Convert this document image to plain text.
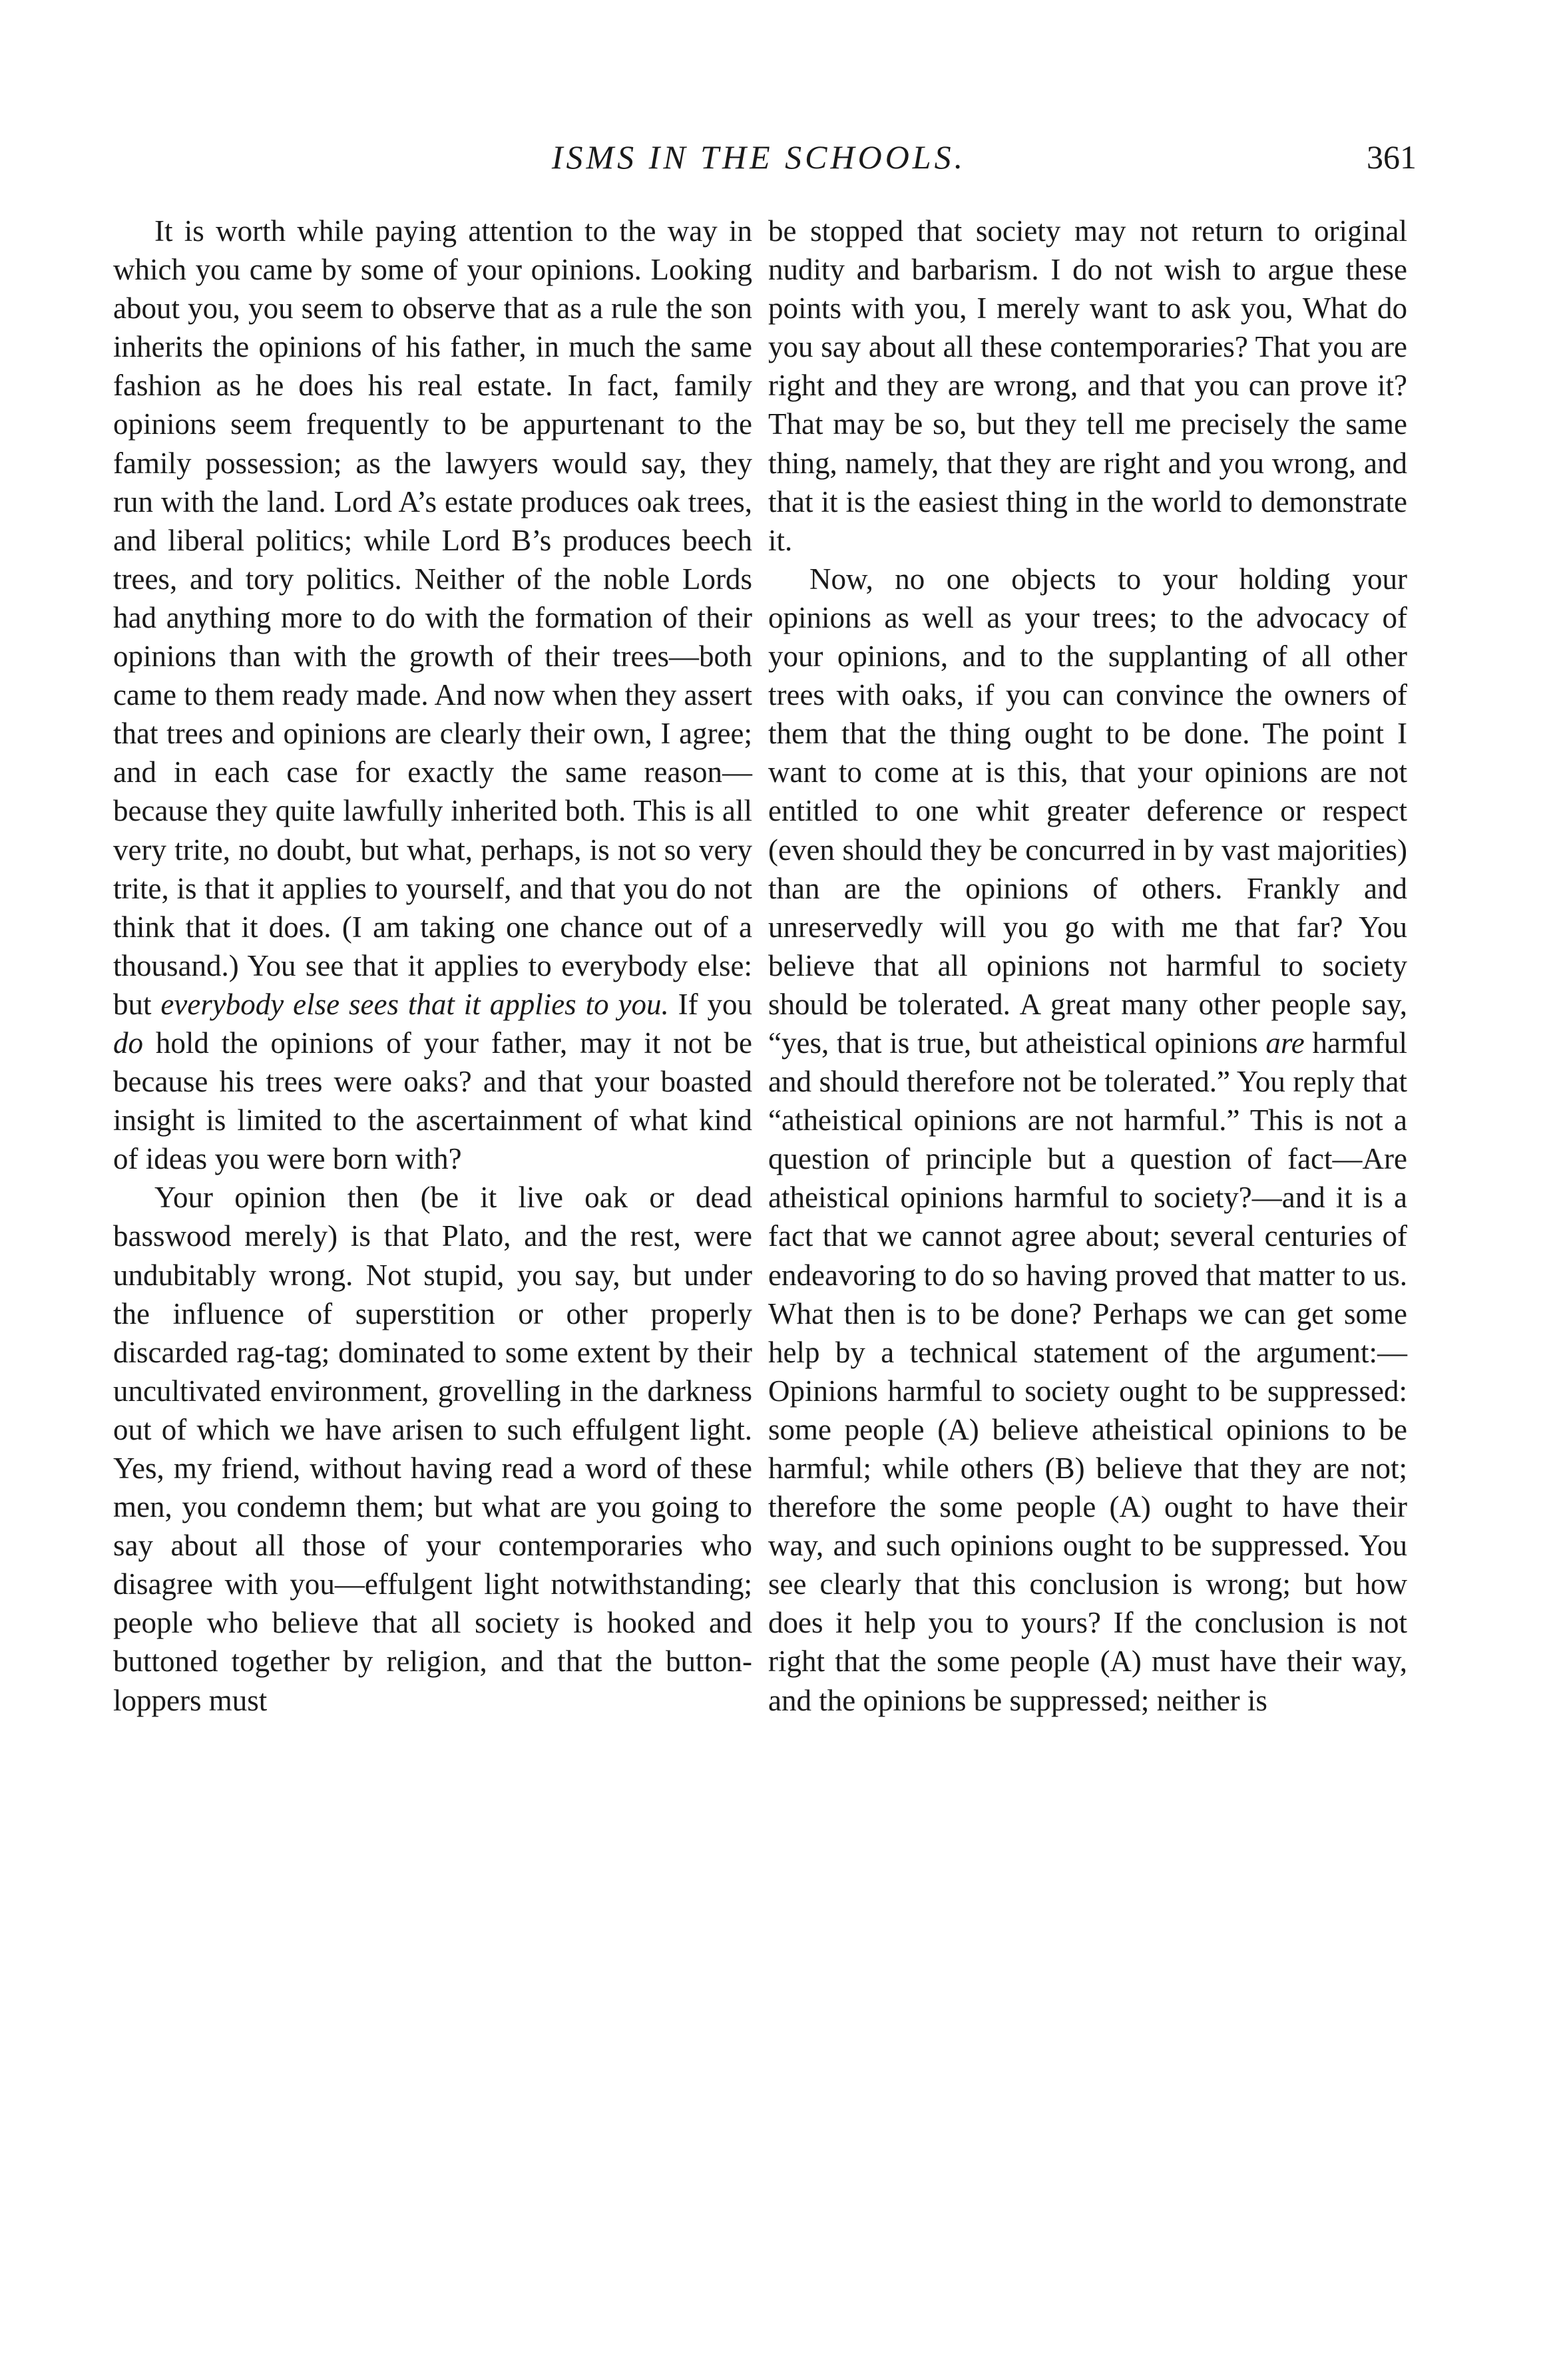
ISMS IN THE SCHOOLS.	361

It is worth while paying attention to the way in which you came by some of your opinions. Looking about you, you seem to observe that as a rule the son inherits the opinions of his father, in much the same fashion as he does his real estate. In fact, family opinions seem frequently to be appurtenant to the family possession; as the lawyers would say, they run with the land. Lord A’s estate produces oak trees, and liberal politics; while Lord B’s produces beech trees, and tory politics. Neither of the noble Lords had anything more to do with the formation of their opinions than with the growth of their trees—both came to them ready made. And now when they assert that trees and opinions are clearly their own, I agree; and in each case for exactly the same reason—because they quite lawfully inherited both. This is all very trite, no doubt, but what, perhaps, is not so very trite, is that it applies to yourself, and that you do not think that it does. (I am taking one chance out of a thousand.) You see that it applies to everybody else: but everybody else sees that it applies to you. If you do hold the opinions of your father, may it not be because his trees were oaks? and that your boasted insight is limited to the ascertainment of what kind of ideas you were born with?

Your opinion then (be it live oak or dead basswood merely) is that Plato, and the rest, were undubitably wrong. Not stupid, you say, but under the influence of superstition or other properly discarded rag-tag; dominated to some extent by their uncultivated environment, grovelling in the darkness out of which we have arisen to such effulgent light. Yes, my friend, without having read a word of these men, you condemn them; but what are you going to say about all those of your contemporaries who disagree with you—effulgent light notwithstanding; people who believe that all society is hooked and buttoned together by religion, and that the button-loppers must

be stopped that society may not return to original nudity and barbarism. I do not wish to argue these points with you, I merely want to ask you, What do you say about all these contemporaries? That you are right and they are wrong, and that you can prove it? That may be so, but they tell me precisely the same thing, namely, that they are right and you wrong, and that it is the easiest thing in the world to demonstrate it.

Now, no one objects to your holding your opinions as well as your trees; to the advocacy of your opinions, and to the supplanting of all other trees with oaks, if you can convince the owners of them that the thing ought to be done. The point I want to come at is this, that your opinions are not entitled to one whit greater deference or respect (even should they be concurred in by vast majorities) than are the opinions of others. Frankly and unreservedly will you go with me that far? You believe that all opinions not harmful to society should be tolerated. A great many other people say, “yes, that is true, but atheistical opinions are harmful and should therefore not be tolerated.” You reply that “atheistical opinions are not harmful.” This is not a question of principle but a question of fact—Are atheistical opinions harmful to society?—and it is a fact that we cannot agree about; several centuries of endeavoring to do so having proved that matter to us. What then is to be done? Perhaps we can get some help by a technical statement of the argument:—Opinions harmful to society ought to be suppressed: some people (A) believe atheistical opinions to be harmful; while others (B) believe that they are not; therefore the some people (A) ought to have their way, and such opinions ought to be suppressed. You see clearly that this conclusion is wrong; but how does it help you to yours? If the conclusion is not right that the some people (A) must have their way, and the opinions be suppressed; neither is
